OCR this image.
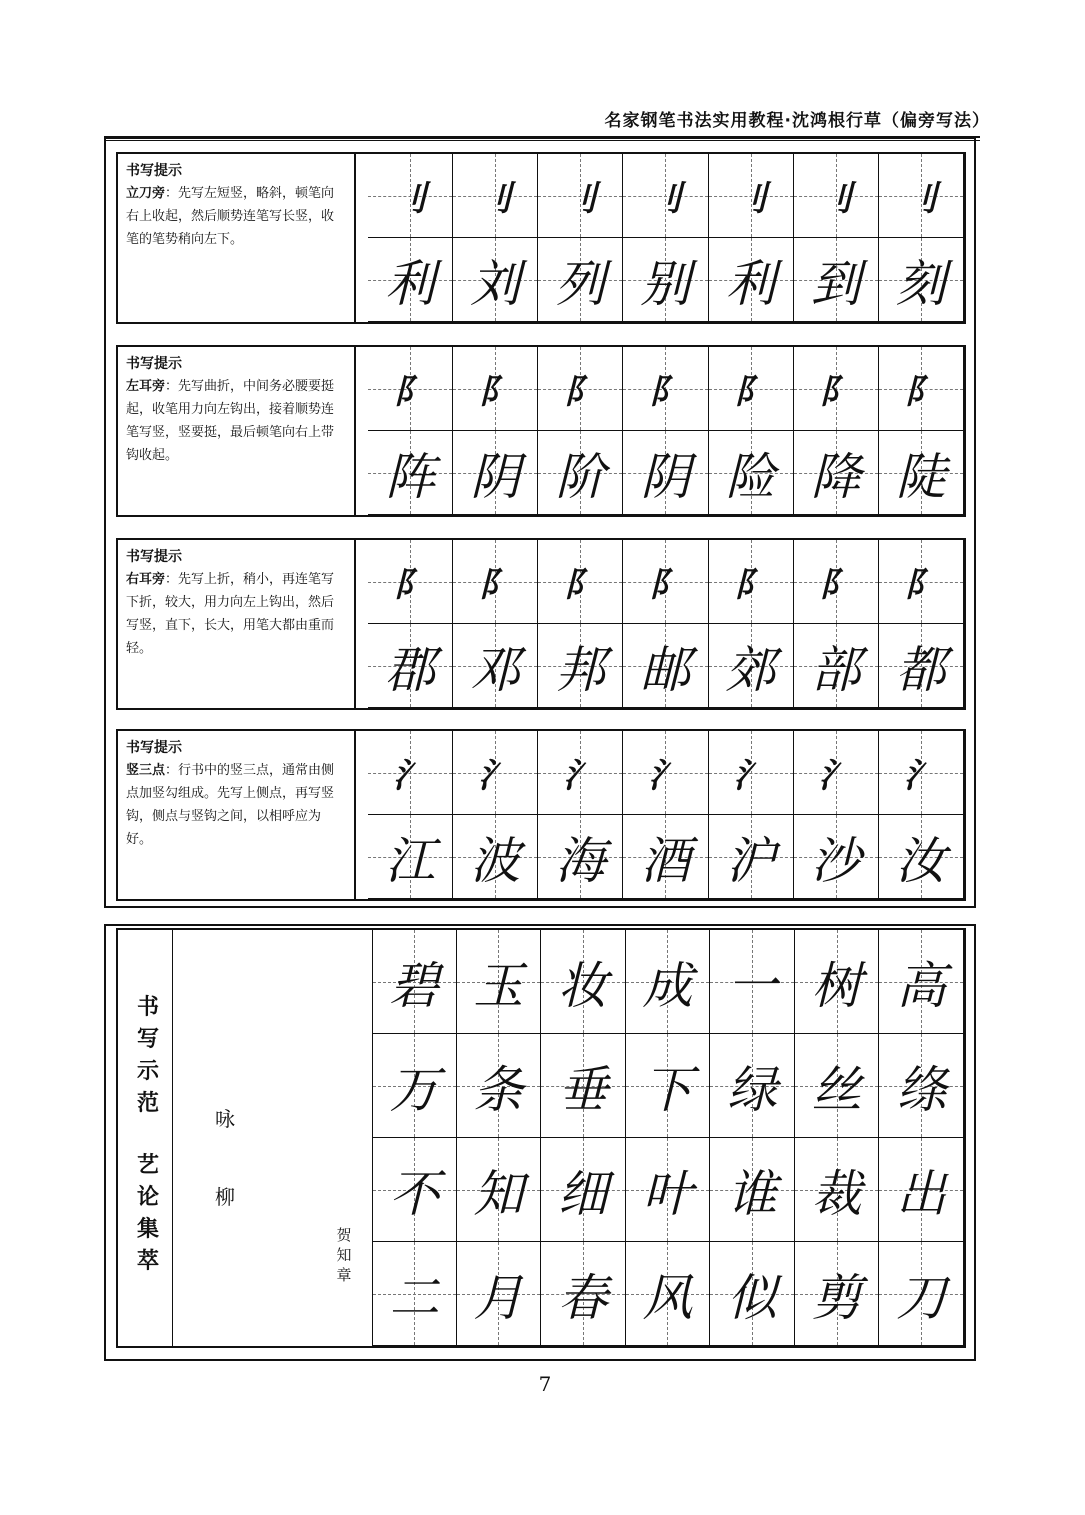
名家钢笔书法实用教程·沈鸿根行草（偏旁写法）
书写提示
立刀旁：先写左短竖，略斜，顿笔向右上收起，然后顺势连笔写长竖，收笔的笔势稍向左下。
刂	刂	刂	刂	刂	刂	刂
利 刘 列 别 利 到 刻
书写提示
左耳旁：先写曲折，中间务必腰要挺起，收笔用力向左钩出，接着顺势连笔写竖，竖要挺，最后顿笔向右上带钩收起。
阝	阝	阝	阝	阝	阝	阝
阵 阴 阶 阴 险 降 陡
书写提示
右耳旁：先写上折，稍小，再连笔写下折，较大，用力向左上钩出，然后写竖，直下，长大，用笔大都由重而轻。
阝	阝	阝	阝	阝	阝	阝
郡 邓 邦 邮 郊 部 都
书写提示
竖三点：行书中的竖三点，通常由侧点加竖勾组成。先写上侧点，再写竖钩，侧点与竖钩之间，以相呼应为好。
氵	氵	氵	氵	氵	氵	氵
江 波 海 酒 沪 沙 汝
书
写
示
范
艺
论
集
萃
咏
柳
贺知章
碧 玉 妆 成 一 树 高
万 条 垂 下 绿 丝 绦
不 知 细 叶 谁 裁 出
二 月 春 风 似 剪 刀
7
